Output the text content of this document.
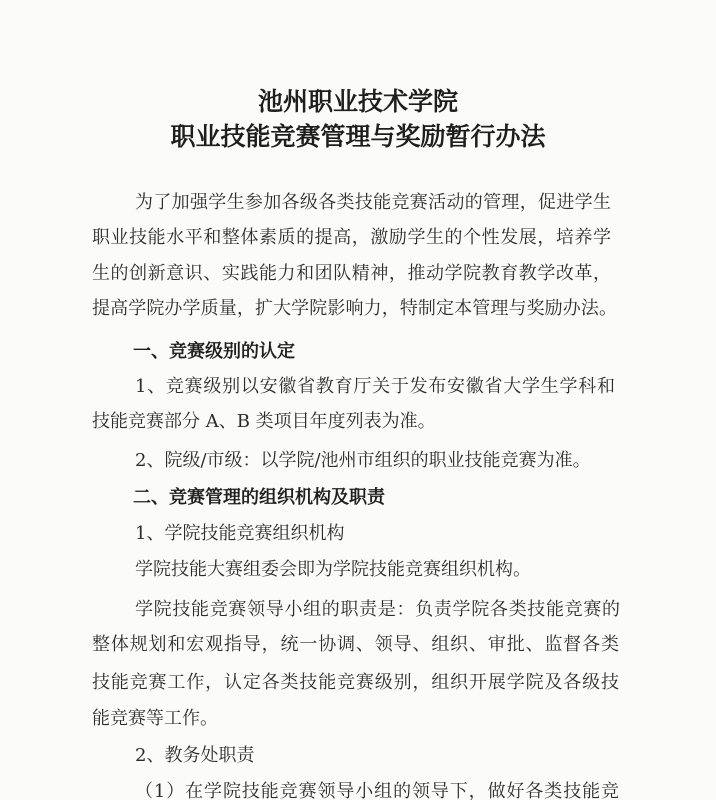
池州职业技术学院
职业技能竞赛管理与奖励暂行办法
为了加强学生参加各级各类技能竞赛活动的管理，促进学生
职业技能水平和整体素质的提高，激励学生的个性发展，培养学
生的创新意识、实践能力和团队精神，推动学院教育教学改革，
提高学院办学质量，扩大学院影响力，特制定本管理与奖励办法。
一、竞赛级别的认定
1、竞赛级别以安徽省教育厅关于发布安徽省大学生学科和
技能竞赛部分 A、B 类项目年度列表为准。
2、院级/市级：以学院/池州市组织的职业技能竞赛为准。
二、竞赛管理的组织机构及职责
1、学院技能竞赛组织机构
学院技能大赛组委会即为学院技能竞赛组织机构。
学院技能竞赛领导小组的职责是：负责学院各类技能竞赛的
整体规划和宏观指导，统一协调、领导、组织、审批、监督各类
技能竞赛工作，认定各类技能竞赛级别，组织开展学院及各级技
能竞赛等工作。
2、教务处职责
（1）在学院技能竞赛领导小组的领导下，做好各类技能竞
